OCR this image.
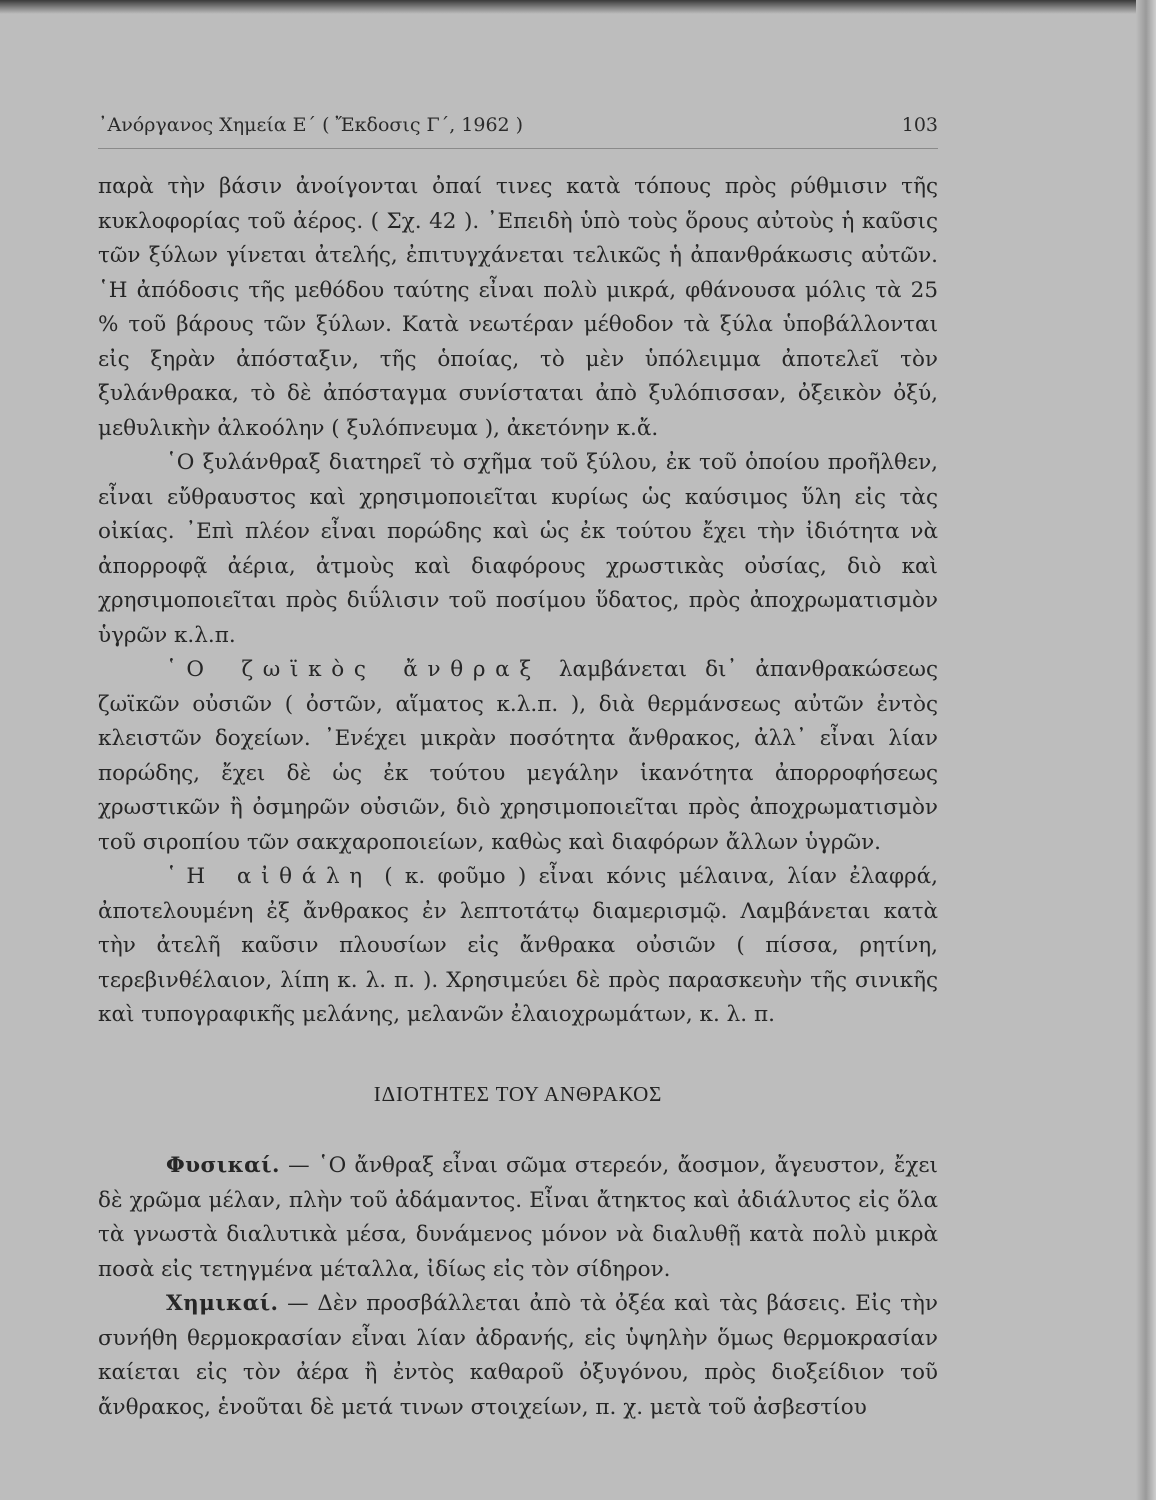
᾽Ανόργανος Χημεία Ε΄ ( Ἔκδοσις Γ΄, 1962 )	103

παρὰ τὴν βάσιν ἀνοίγονται ὀπαί τινες κατὰ τόπους πρὸς ρύθμισιν τῆς κυκλοφορίας τοῦ ἀέρος. ( Σχ. 42 ). ᾽Επειδὴ ὑπὸ τοὺς ὅρους αὐτοὺς ἡ καῦσις τῶν ξύλων γίνεται ἀτελής, ἐπιτυγχάνεται τελικῶς ἡ ἀπανθράκωσις αὐτῶν. ῾Η ἀπόδοσις τῆς μεθόδου ταύτης εἶναι πολὺ μικρά, φθάνουσα μόλις τὰ 25 % τοῦ βάρους τῶν ξύλων. Κατὰ νεωτέραν μέθοδον τὰ ξύλα ὑποβάλλονται εἰς ξηρὰν ἀπόσταξιν, τῆς ὁποίας, τὸ μὲν ὑπόλειμμα ἀποτελεῖ τὸν ξυλάνθρακα, τὸ δὲ ἀπόσταγμα συνίσταται ἀπὸ ξυλόπισσαν, ὀξεικὸν ὀξύ, μεθυλικὴν ἀλκοόλην ( ξυλόπνευμα ), ἀκετόνην κ.ἄ.

῾Ο ξυλάνθραξ διατηρεῖ τὸ σχῆμα τοῦ ξύλου, ἐκ τοῦ ὁποίου προῆλθεν, εἶναι εὔθραυστος καὶ χρησιμοποιεῖται κυρίως ὡς καύσιμος ὕλη εἰς τὰς οἰκίας. ᾽Επὶ πλέον εἶναι πορώδης καὶ ὡς ἐκ τούτου ἔχει τὴν ἰδιότητα νὰ ἀπορροφᾷ ἀέρια, ἀτμοὺς καὶ διαφόρους χρωστικὰς οὐσίας, διὸ καὶ χρησιμοποιεῖται πρὸς διΰλισιν τοῦ ποσίμου ὕδατος, πρὸς ἀποχρωματισμὸν ὑγρῶν κ.λ.π.

῾Ο ζωϊκὸς ἄνθραξ λαμβάνεται δι᾽ ἀπανθρακώσεως ζωϊκῶν οὐσιῶν ( ὀστῶν, αἵματος κ.λ.π. ), διὰ θερμάνσεως αὐτῶν ἐντὸς κλειστῶν δοχείων. ᾽Ενέχει μικρὰν ποσότητα ἄνθρακος, ἀλλ᾽ εἶναι λίαν πορώδης, ἔχει δὲ ὡς ἐκ τούτου μεγάλην ἱκανότητα ἀπορροφήσεως χρωστικῶν ἢ ὀσμηρῶν οὐσιῶν, διὸ χρησιμοποιεῖται πρὸς ἀποχρωματισμὸν τοῦ σιροπίου τῶν σακχαροποιείων, καθὼς καὶ διαφόρων ἄλλων ὑγρῶν.

῾Η αἰθάλη ( κ. φοῦμο ) εἶναι κόνις μέλαινα, λίαν ἐλαφρά, ἀποτελουμένη ἐξ ἄνθρακος ἐν λεπτοτάτῳ διαμερισμῷ. Λαμβάνεται κατὰ τὴν ἀτελῆ καῦσιν πλουσίων εἰς ἄνθρακα οὐσιῶν ( πίσσα, ρητίνη, τερεβινθέλαιον, λίπη κ. λ. π. ). Χρησιμεύει δὲ πρὸς παρασκευὴν τῆς σινικῆς καὶ τυπογραφικῆς μελάνης, μελανῶν ἐλαιοχρωμάτων, κ. λ. π.

ΙΔΙΟΤΗΤΕΣ ΤΟΥ ΑΝΘΡΑΚΟΣ

Φυσικαί. — ῾Ο ἄνθραξ εἶναι σῶμα στερεόν, ἄοσμον, ἄγευστον, ἔχει δὲ χρῶμα μέλαν, πλὴν τοῦ ἀδάμαντος. Εἶναι ἄτηκτος καὶ ἀδιάλυτος εἰς ὅλα τὰ γνωστὰ διαλυτικὰ μέσα, δυνάμενος μόνον νὰ διαλυθῇ κατὰ πολὺ μικρὰ ποσὰ εἰς τετηγμένα μέταλλα, ἰδίως εἰς τὸν σίδηρον.

Χημικαί. — Δὲν προσβάλλεται ἀπὸ τὰ ὀξέα καὶ τὰς βάσεις. Εἰς τὴν συνήθη θερμοκρασίαν εἶναι λίαν ἀδρανής, εἰς ὑψηλὴν ὅμως θερμοκρασίαν καίεται εἰς τὸν ἀέρα ἢ ἐντὸς καθαροῦ ὀξυγόνου, πρὸς διοξείδιον τοῦ ἄνθρακος, ἑνοῦται δὲ μετά τινων στοιχείων, π. χ. μετὰ τοῦ ἀσβεστίου
